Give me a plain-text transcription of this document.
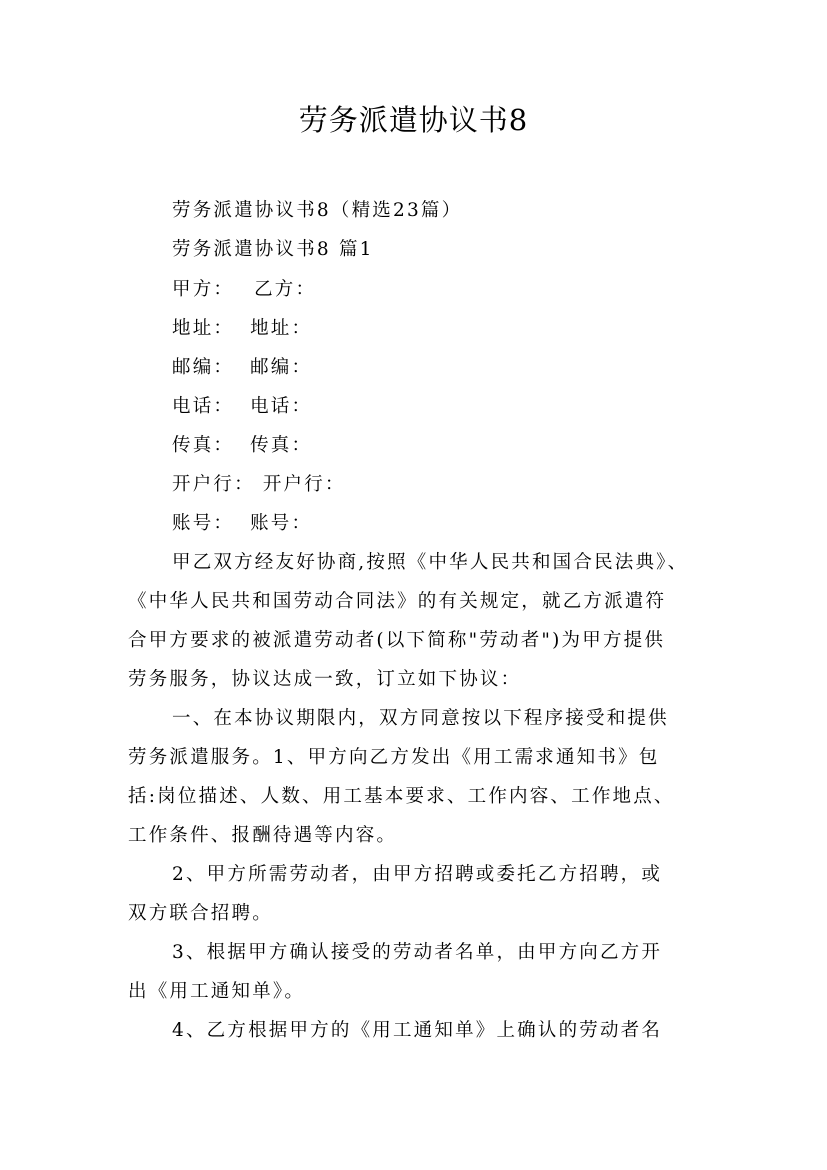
劳务派遣协议书8
劳务派遣协议书8（精选23篇）
劳务派遣协议书8 篇1
甲方： 乙方：
地址： 地址：
邮编： 邮编：
电话： 电话：
传真： 传真：
开户行： 开户行：
账号： 账号：
甲乙双方经友好协商,按照《中华人民共和国合民法典》、
《中华人民共和国劳动合同法》的有关规定，就乙方派遣符
合甲方要求的被派遣劳动者(以下简称"劳动者")为甲方提供
劳务服务，协议达成一致，订立如下协议：
一、在本协议期限内，双方同意按以下程序接受和提供
劳务派遣服务。1、甲方向乙方发出《用工需求通知书》包
括:岗位描述、人数、用工基本要求、工作内容、工作地点、
工作条件、报酬待遇等内容。
2、甲方所需劳动者，由甲方招聘或委托乙方招聘，或
双方联合招聘。
3、根据甲方确认接受的劳动者名单，由甲方向乙方开
出《用工通知单》。
4、乙方根据甲方的《用工通知单》上确认的劳动者名
